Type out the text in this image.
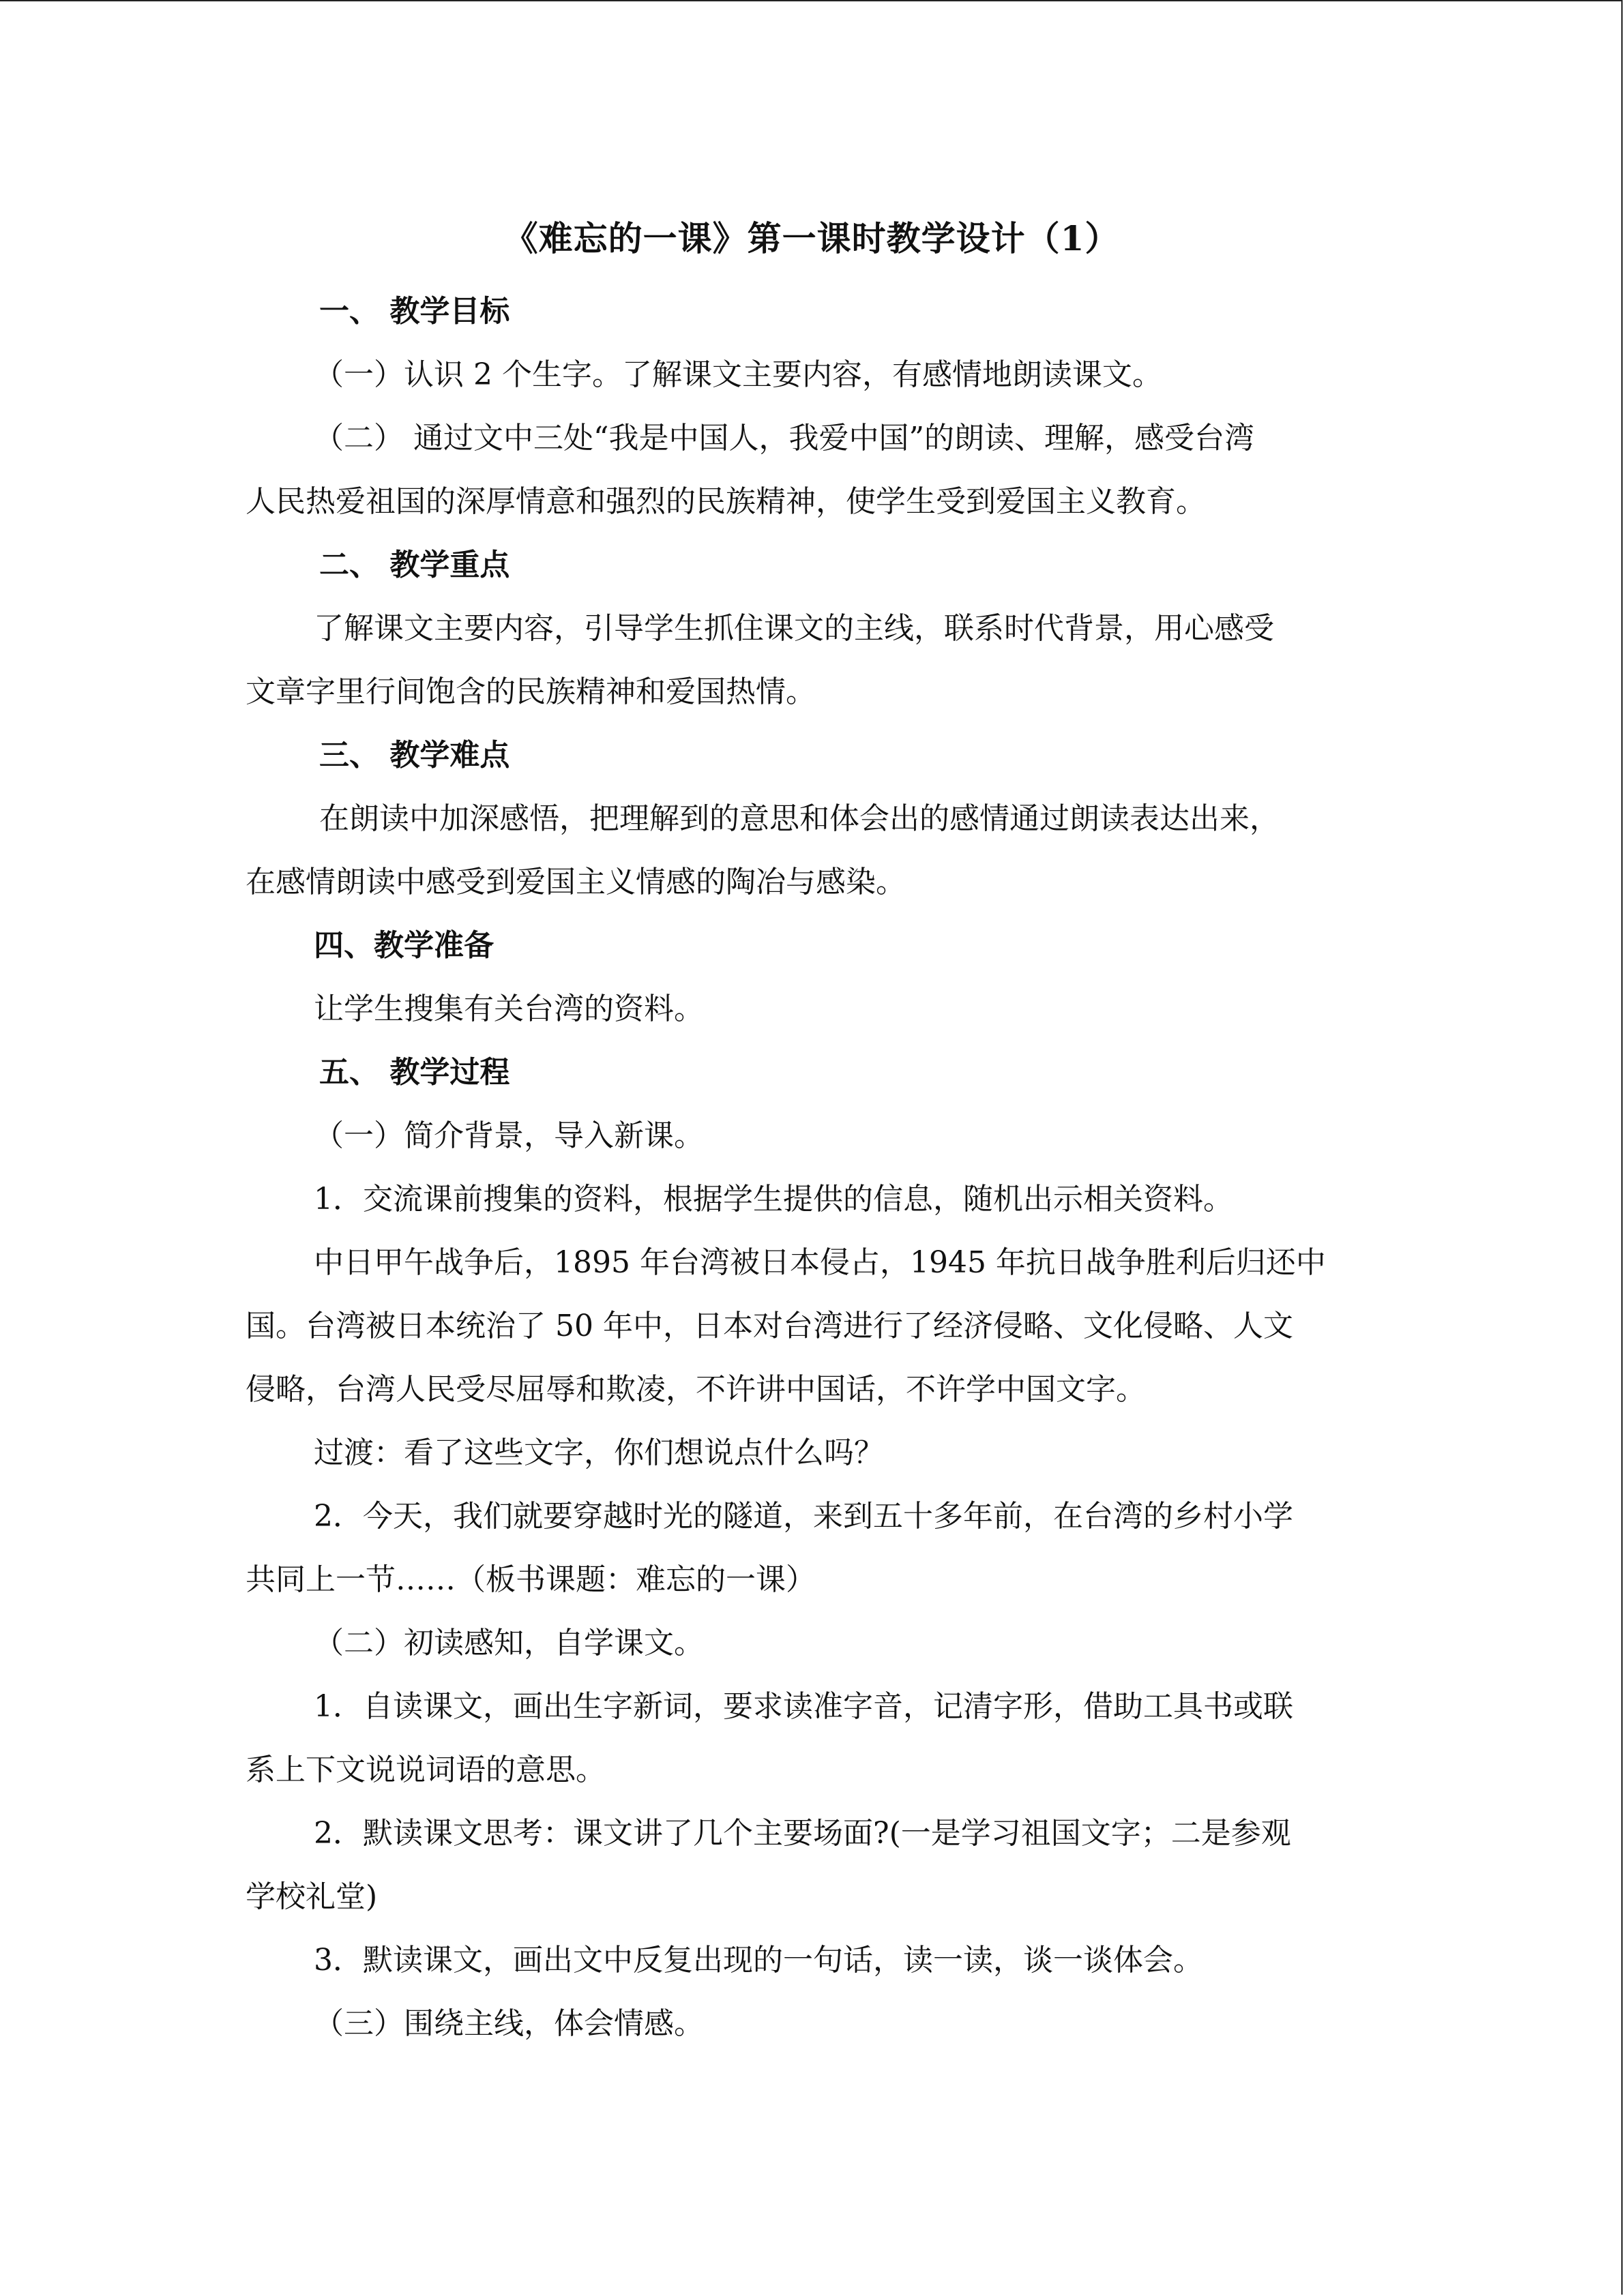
《难忘的一课》第一课时教学设计（1）

一、 教学目标

（一）认识 2 个生字。了解课文主要内容，有感情地朗读课文。

（二） 通过文中三处“我是中国人，我爱中国”的朗读、理解，感受台湾

人民热爱祖国的深厚情意和强烈的民族精神，使学生受到爱国主义教育。

二、 教学重点

了解课文主要内容，引导学生抓住课文的主线，联系时代背景，用心感受

文章字里行间饱含的民族精神和爱国热情。

三、 教学难点

在朗读中加深感悟，把理解到的意思和体会出的感情通过朗读表达出来，

在感情朗读中感受到爱国主义情感的陶冶与感染。

四、教学准备

让学生搜集有关台湾的资料。

五、 教学过程

（一）简介背景，导入新课。

1．交流课前搜集的资料，根据学生提供的信息，随机出示相关资料。

中日甲午战争后，1895 年台湾被日本侵占，1945 年抗日战争胜利后归还中

国。台湾被日本统治了 50 年中，日本对台湾进行了经济侵略、文化侵略、人文

侵略，台湾人民受尽屈辱和欺凌，不许讲中国话，不许学中国文字。

过渡：看了这些文字，你们想说点什么吗？

2．今天，我们就要穿越时光的隧道，来到五十多年前，在台湾的乡村小学

共同上一节……（板书课题：难忘的一课）

（二）初读感知，自学课文。

1．自读课文，画出生字新词，要求读准字音，记清字形，借助工具书或联

系上下文说说词语的意思。

2．默读课文思考：课文讲了几个主要场面?(一是学习祖国文字；二是参观

学校礼堂)

3．默读课文，画出文中反复出现的一句话，读一读，谈一谈体会。

（三）围绕主线，体会情感。
